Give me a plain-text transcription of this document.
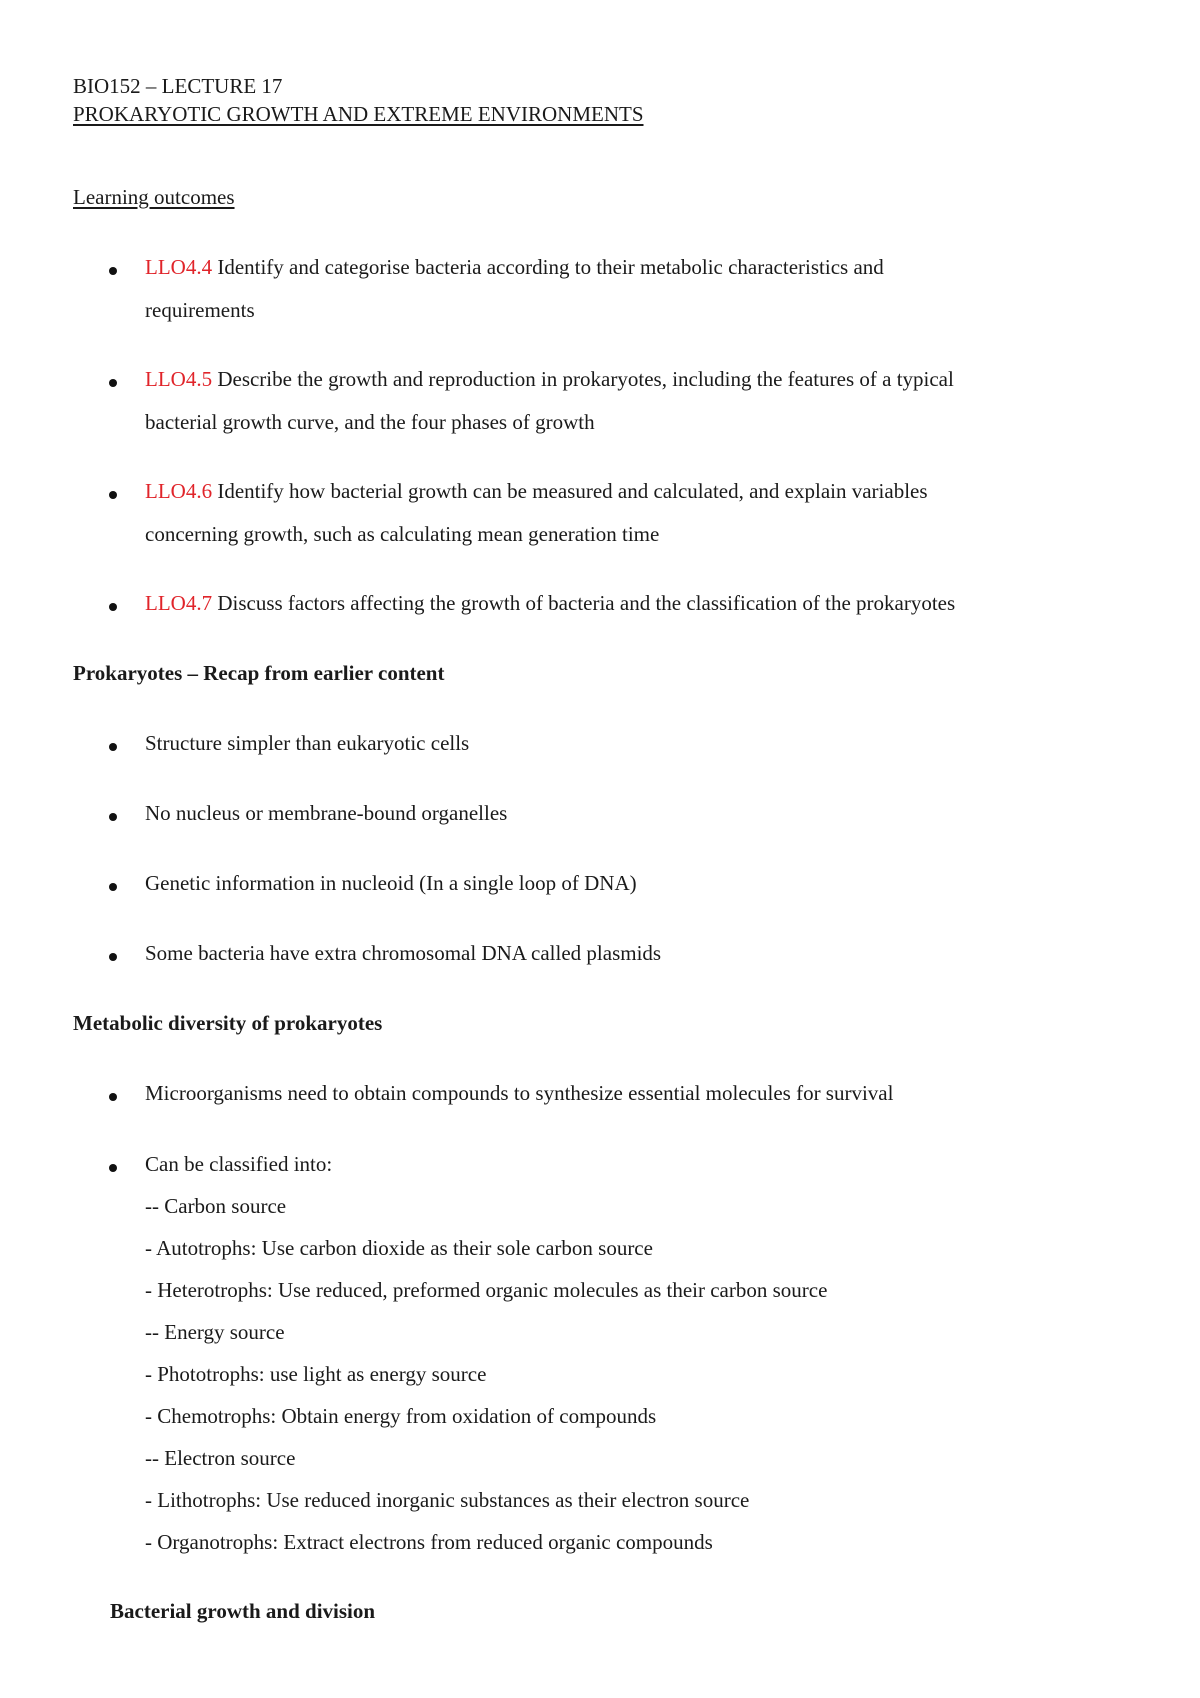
BIO152 – LECTURE 17
PROKARYOTIC GROWTH AND EXTREME ENVIRONMENTS
Learning outcomes
LLO4.4 Identify and categorise bacteria according to their metabolic characteristics and
requirements
LLO4.5 Describe the growth and reproduction in prokaryotes, including the features of a typical
bacterial growth curve, and the four phases of growth
LLO4.6 Identify how bacterial growth can be measured and calculated, and explain variables
concerning growth, such as calculating mean generation time
LLO4.7 Discuss factors affecting the growth of bacteria and the classification of the prokaryotes
Prokaryotes – Recap from earlier content
Structure simpler than eukaryotic cells
No nucleus or membrane-bound organelles
Genetic information in nucleoid (In a single loop of DNA)
Some bacteria have extra chromosomal DNA called plasmids
Metabolic diversity of prokaryotes
Microorganisms need to obtain compounds to synthesize essential molecules for survival
Can be classified into:
-- Carbon source
- Autotrophs: Use carbon dioxide as their sole carbon source
- Heterotrophs: Use reduced, preformed organic molecules as their carbon source
-- Energy source
- Phototrophs: use light as energy source
- Chemotrophs: Obtain energy from oxidation of compounds
-- Electron source
- Lithotrophs: Use reduced inorganic substances as their electron source
- Organotrophs: Extract electrons from reduced organic compounds
Bacterial growth and division
